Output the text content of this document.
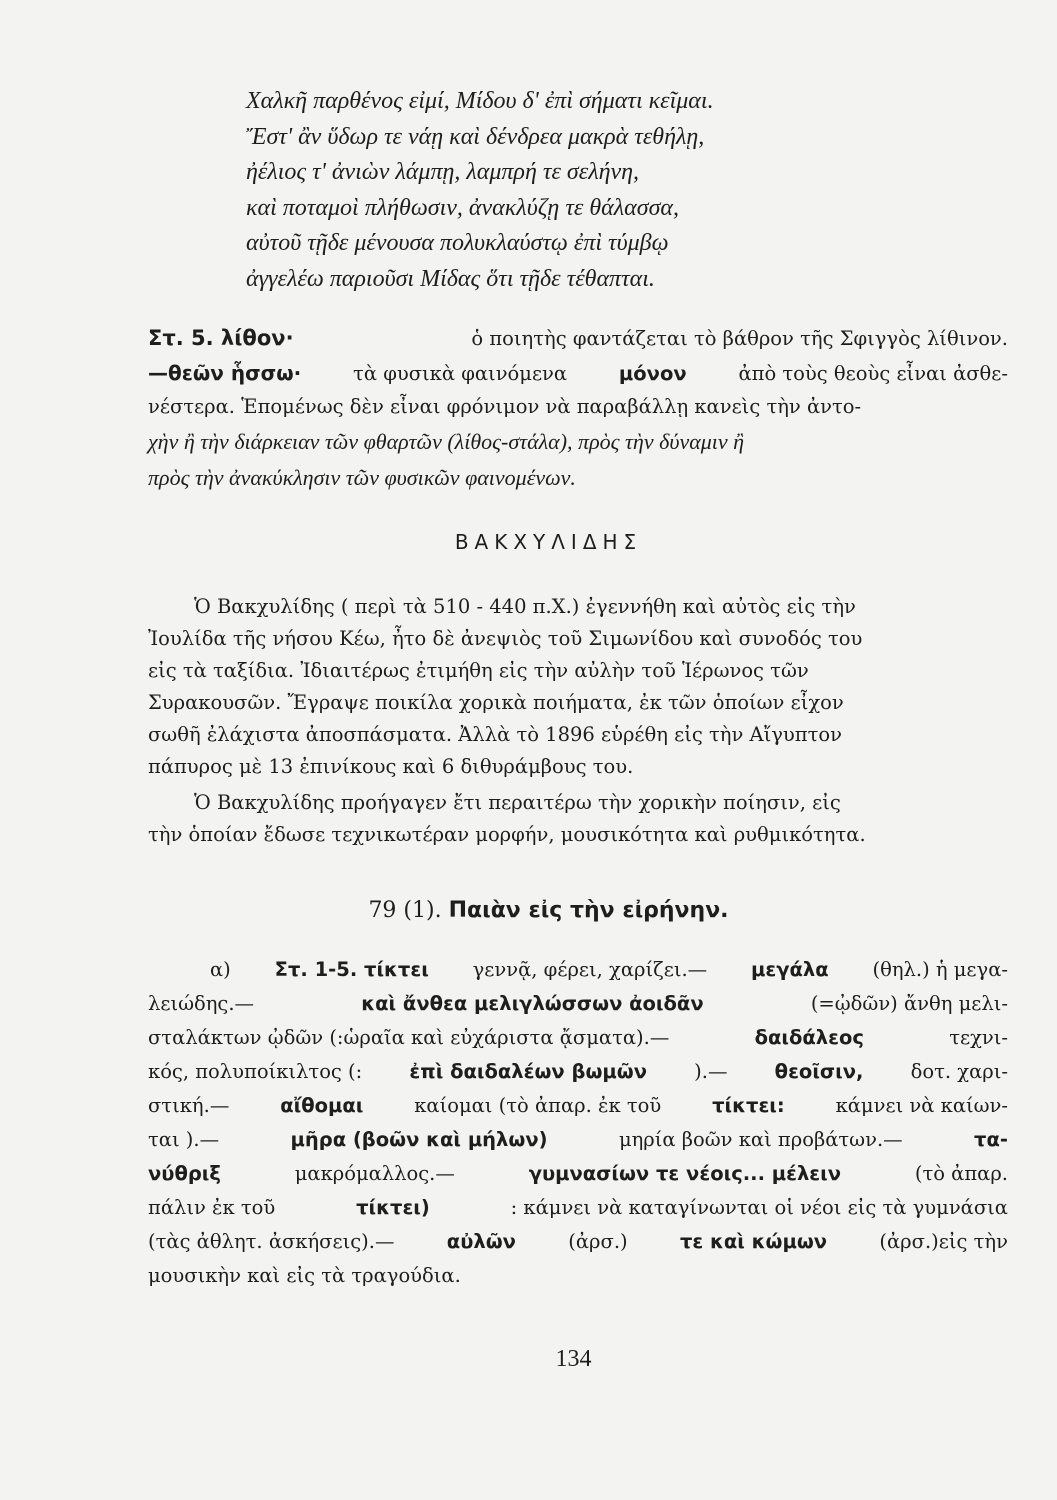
Χαλκῆ παρθένος εἰμί, Μίδου δ' ἐπὶ σήματι κεῖμαι.
Ἔστ' ἂν ὕδωρ τε νάῃ καὶ δένδρεα μακρὰ τεθήλῃ,
ἠέλιος τ' ἀνιὼν λάμπῃ, λαμπρή τε σελήνη,
καὶ ποταμοὶ πλήθωσιν, ἀνακλύζῃ τε θάλασσα,
αὐτοῦ τῇδε μένουσα πολυκλαύστῳ ἐπὶ τύμβῳ
ἀγγελέω παριοῦσι Μίδας ὅτι τῇδε τέθαπται.
Στ. 5. λίθον·	ὁ ποιητὴς φαντάζεται τὸ βάθρον τῆς Σφιγγὸς λίθινον.
—θεῶν ἧσσω·	τὰ φυσικὰ φαινόμενα	μόνον	ἀπὸ τοὺς θεοὺς εἶναι ἀσθε-
νέστερα. Ἑπομένως δὲν εἶναι φρόνιμον νὰ παραβάλλῃ κανεὶς τὴν ἀντο-
χὴν ἢ τὴν διάρκειαν τῶν φθαρτῶν (λίθος-στάλα), πρὸς τὴν δύναμιν ἢ
πρὸς τὴν ἀνακύκλησιν τῶν φυσικῶν φαινομένων.
ΒΑΚΧΥΛΙΔΗΣ
Ὁ Βακχυλίδης ( περὶ τὰ 510 - 440 π.Χ.) ἐγεννήθη καὶ αὐτὸς εἰς τὴν
Ἰουλίδα τῆς νήσου Κέω, ἦτο δὲ ἀνεψιὸς τοῦ Σιμωνίδου καὶ συνοδός του
εἰς τὰ ταξίδια. Ἰδιαιτέρως ἐτιμήθη εἰς τὴν αὐλὴν τοῦ Ἱέρωνος τῶν
Συρακουσῶν. Ἔγραψε ποικίλα χορικὰ ποιήματα, ἐκ τῶν ὁποίων εἶχον
σωθῆ ἐλάχιστα ἀποσπάσματα. Ἀλλὰ τὸ 1896 εὑρέθη εἰς τὴν Αἴγυπτον
πάπυρος μὲ 13 ἐπινίκους καὶ 6 διθυράμβους του.
Ὁ Βακχυλίδης προήγαγεν ἔτι περαιτέρω τὴν χορικὴν ποίησιν, εἰς
τὴν ὁποίαν ἔδωσε τεχνικωτέραν μορφήν, μουσικότητα καὶ ρυθμικότητα.
79 (1). Παιὰν εἰς τὴν εἰρήνην.
α) Στ. 1-5. τίκτει γεννᾷ, φέρει, χαρίζει.— μεγάλα (θηλ.) ἡ μεγα-
λειώδης.—	καὶ ἄνθεα μελιγλώσσων ἀοιδᾶν	(=ᾠδῶν) ἄνθη μελι-
σταλάκτων ᾠδῶν (:ὡραῖα καὶ εὐχάριστα ᾄσματα).—	δαιδάλεος	τεχνι-
κός, πολυποίκιλτος (: ἐπὶ δαιδαλέων βωμῶν ).— θεοῖσιν, δοτ. χαρι-
στική.—	αἴθομαι	καίομαι (τὸ ἀπαρ. ἐκ τοῦ	τίκτει:	κάμνει νὰ καίων-
ται ).—	μῆρα (βοῶν καὶ μήλων)	μηρία βοῶν καὶ προβάτων.—	τα-
νύθριξ	μακρόμαλλος.—	γυμνασίων τε νέοις... μέλειν	(τὸ ἀπαρ.
πάλιν ἐκ τοῦ	τίκτει)	: κάμνει νὰ καταγίνωνται οἱ νέοι εἰς τὰ γυμνάσια
(τὰς ἀθλητ. ἀσκήσεις).—	αὐλῶν	(ἀρσ.)	τε καὶ κώμων	(ἀρσ.)εἰς τὴν
μουσικὴν καὶ εἰς τὰ τραγούδια.
134
